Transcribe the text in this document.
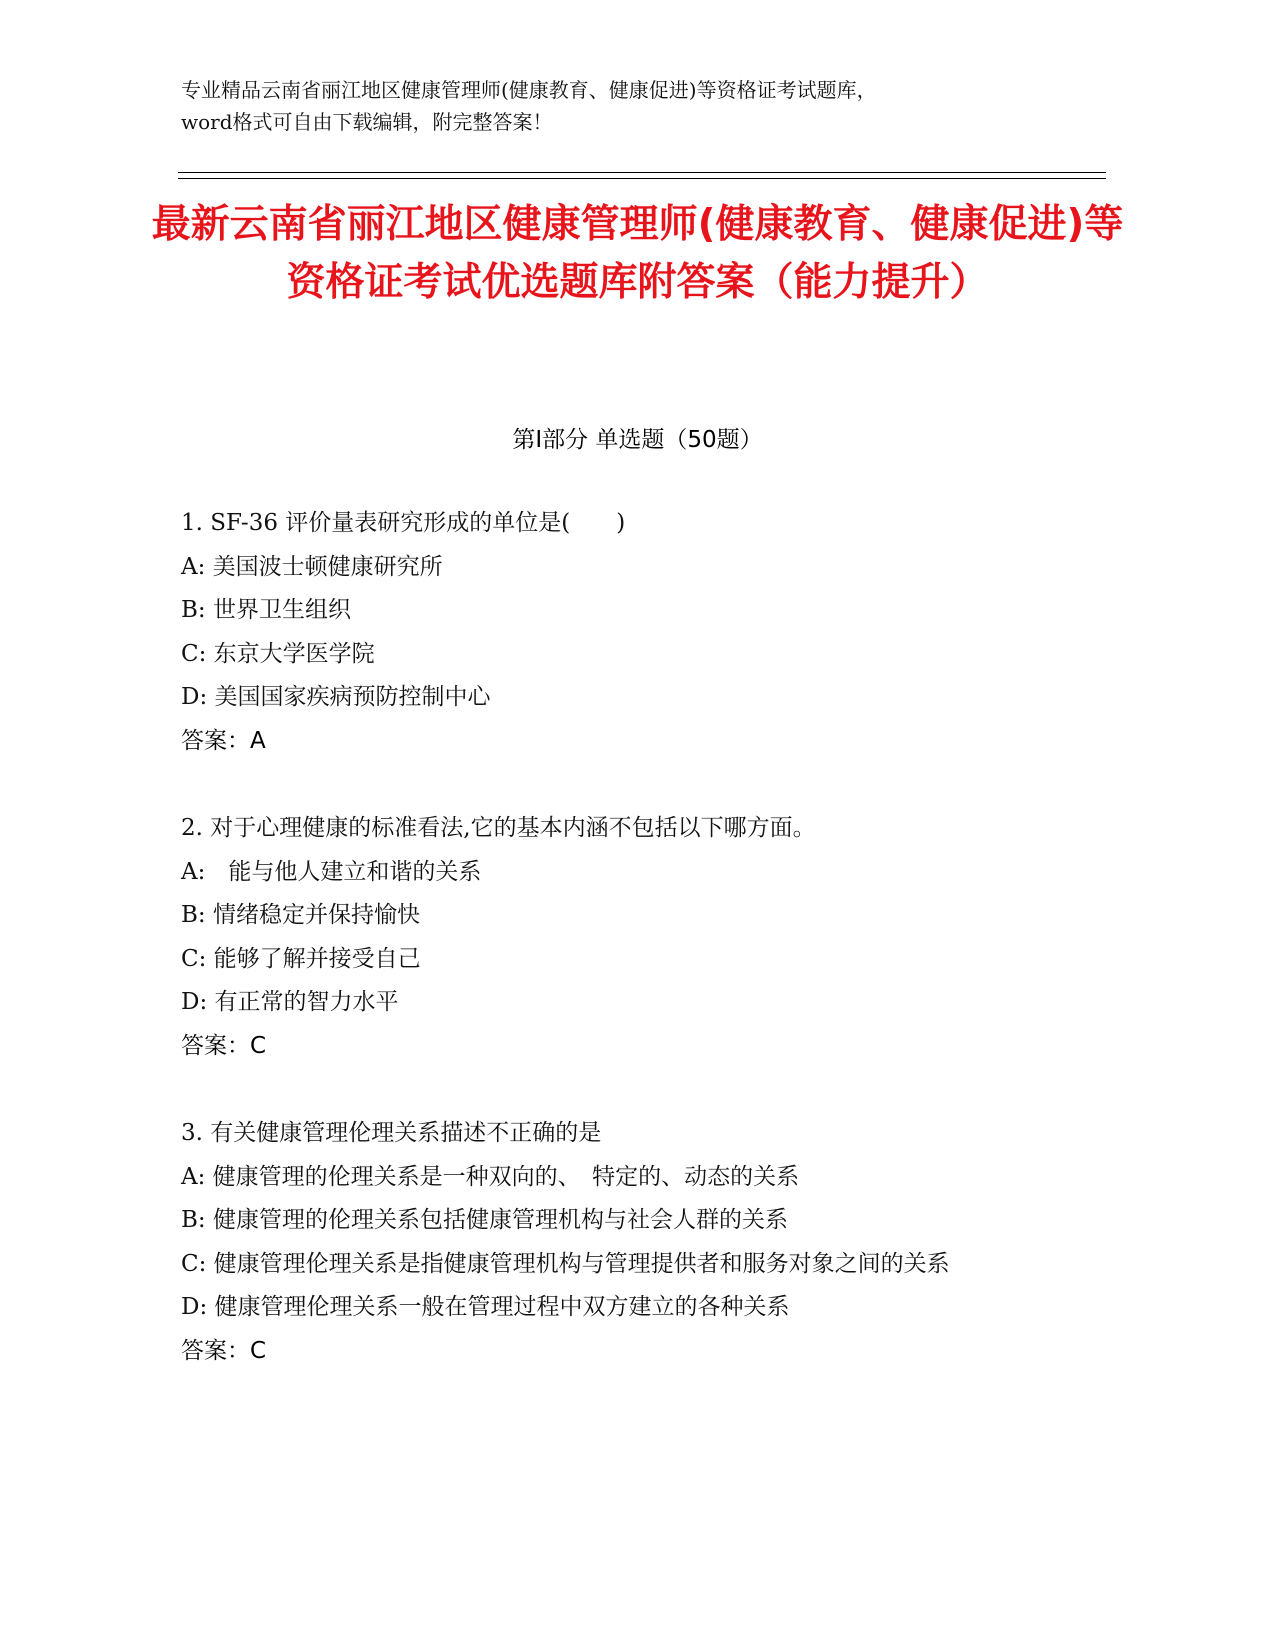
专业精品云南省丽江地区健康管理师(健康教育、健康促进)等资格证考试题库，
word格式可自由下载编辑，附完整答案！
最新云南省丽江地区健康管理师(健康教育、健康促进)等资格证考试优选题库附答案（能力提升）
第Ⅰ部分 单选题（50题）
1. SF-36 评价量表研究形成的单位是(　　)
A: 美国波士顿健康研究所
B: 世界卫生组织
C: 东京大学医学院
D: 美国国家疾病预防控制中心
答案：A
2. 对于心理健康的标准看法,它的基本内涵不包括以下哪方面。
A:　能与他人建立和谐的关系
B: 情绪稳定并保持愉快
C: 能够了解并接受自己
D: 有正常的智力水平
答案：C
3. 有关健康管理伦理关系描述不正确的是
A: 健康管理的伦理关系是一种双向的、　特定的、动态的关系
B: 健康管理的伦理关系包括健康管理机构与社会人群的关系
C: 健康管理伦理关系是指健康管理机构与管理提供者和服务对象之间的关系
D: 健康管理伦理关系一般在管理过程中双方建立的各种关系
答案：C
